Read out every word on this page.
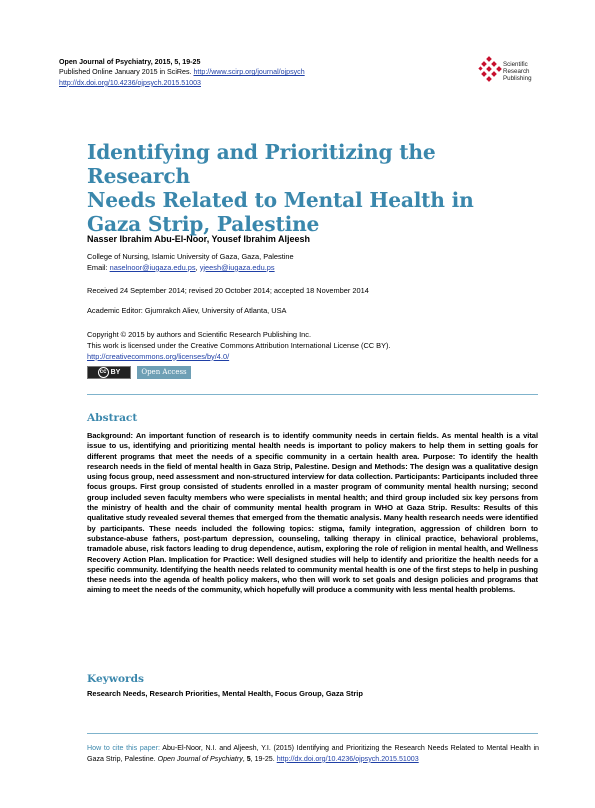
Open Journal of Psychiatry, 2015, 5, 19-25
Published Online January 2015 in SciRes. http://www.scirp.org/journal/ojpsych
http://dx.doi.org/10.4236/ojpsych.2015.51003
Scientific
Research
Publishing
Identifying and Prioritizing the Research
Needs Related to Mental Health in
Gaza Strip, Palestine
Nasser Ibrahim Abu-El-Noor, Yousef Ibrahim Aljeesh
College of Nursing, Islamic University of Gaza, Gaza, Palestine
Email: naselnoor@iugaza.edu.ps, yjeesh@iugaza.edu.ps
Received 24 September 2014; revised 20 October 2014; accepted 18 November 2014
Academic Editor: Gjumrakch Aliev, University of Atlanta, USA
Copyright © 2015 by authors and Scientific Research Publishing Inc.
This work is licensed under the Creative Commons Attribution International License (CC BY).
http://creativecommons.org/licenses/by/4.0/
cc BY	Open Access
Abstract

Background: An important function of research is to identify community needs in certain fields. As mental health is a vital issue to us, identifying and prioritizing mental health needs is important to policy makers to help them in setting goals for different programs that meet the needs of a specific community in a certain health area. Purpose: To identify the health research needs in the field of mental health in Gaza Strip, Palestine. Design and Methods: The design was a qualitative design using focus group, need assessment and non-structured interview for data collection. Participants: Participants included three focus groups. First group consisted of students enrolled in a master program of community mental health nursing; second group included seven faculty members who were specialists in mental health; and third group included six key persons from the ministry of health and the chair of community mental health program in WHO at Gaza Strip. Results: Results of this qualitative study revealed several themes that emerged from the thematic analysis. Many health research needs were identified by participants. These needs included the following topics: stigma, family integration, aggression of children born to substance-abuse fathers, post-partum depression, counseling, talking therapy in clinical practice, behavioral problems, tramadole abuse, risk factors leading to drug dependence, autism, exploring the role of religion in mental health, and Wellness Recovery Action Plan. Implication for Practice: Well designed studies will help to identify and prioritize the health needs for a specific community. Identifying the health needs related to community mental health is one of the first steps to help in pushing these needs into the agenda of health policy makers, who then will work to set goals and design policies and programs that aiming to meet the needs of the community, which hopefully will produce a community with less mental health problems.

Keywords
Research Needs, Research Priorities, Mental Health, Focus Group, Gaza Strip
How to cite this paper: Abu-El-Noor, N.I. and Aljeesh, Y.I. (2015) Identifying and Prioritizing the Research Needs Related to Mental Health in Gaza Strip, Palestine. Open Journal of Psychiatry, 5, 19-25. http://dx.doi.org/10.4236/ojpsych.2015.51003
